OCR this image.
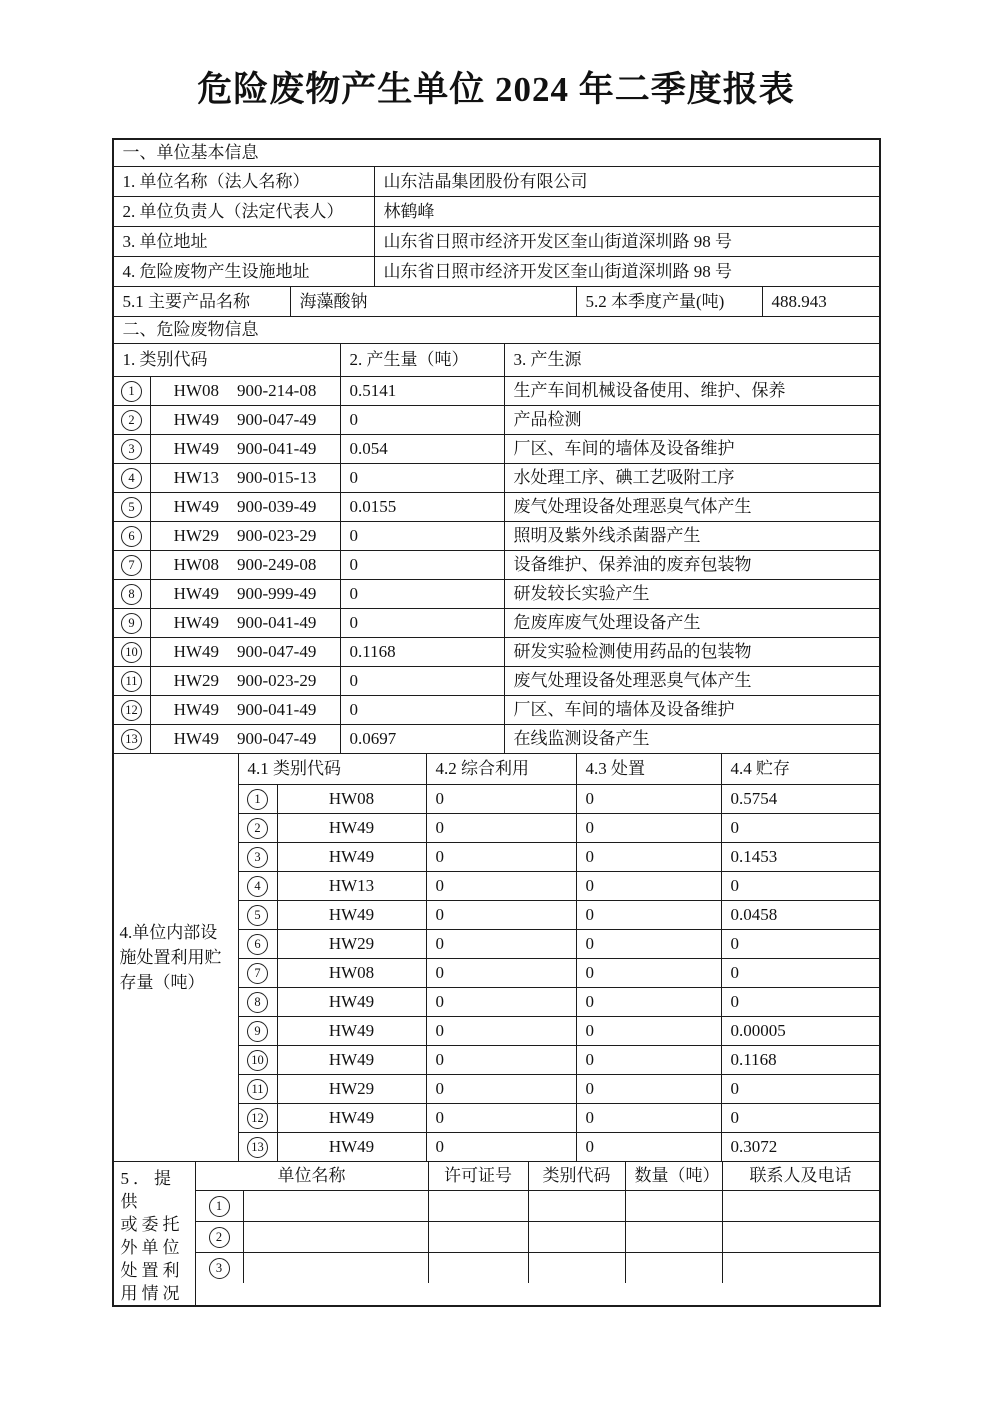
危险废物产生单位 2024 年二季度报表
一、单位基本信息
1. 单位名称（法人名称）	山东洁晶集团股份有限公司
2. 单位负责人（法定代表人）	林鹤峰
3. 单位地址	山东省日照市经济开发区奎山街道深圳路 98 号
4. 危险废物产生设施地址	山东省日照市经济开发区奎山街道深圳路 98 号
5.1 主要产品名称	海藻酸钠	5.2 本季度产量(吨)	488.943
二、危险废物信息
1. 类别代码	2. 产生量（吨）	3. 产生源
1	HW08 900-214-08	0.5141	生产车间机械设备使用、维护、保养
2	HW49 900-047-49	0	产品检测
3	HW49 900-041-49	0.054	厂区、车间的墙体及设备维护
4	HW13 900-015-13	0	水处理工序、碘工艺吸附工序
5	HW49 900-039-49	0.0155	废气处理设备处理恶臭气体产生
6	HW29 900-023-29	0	照明及紫外线杀菌器产生
7	HW08 900-249-08	0	设备维护、保养油的废弃包装物
8	HW49 900-999-49	0	研发较长实验产生
9	HW49 900-041-49	0	危废库废气处理设备产生
10 HW49 900-047-49	0.1168	研发实验检测使用药品的包装物
11 HW29 900-023-29	0	废气处理设备处理恶臭气体产生
12 HW49 900-041-49	0	厂区、车间的墙体及设备维护
13 HW49 900-047-49	0.0697	在线监测设备产生
4.单位内部设
施处置利用贮
存量（吨）
4.1 类别代码	4.2 综合利用	4.3 处置	4.4 贮存
1	HW08	0	0	0.5754
2	HW49	0	0	0
3	HW49	0	0	0.1453
4	HW13	0	0	0
5	HW49	0	0	0.0458
6	HW29	0	0	0
7	HW08	0	0	0
8	HW49	0	0	0
9	HW49	0	0	0.00005
10	HW49	0	0	0.1168
11	HW29	0	0	0
12	HW49	0	0	0
13	HW49	0	0	0.3072
5．提供
或委托
外单位
处置利
用情况
单位名称	许可证号	类别代码	数量（吨）	联系人及电话
1
2
3
